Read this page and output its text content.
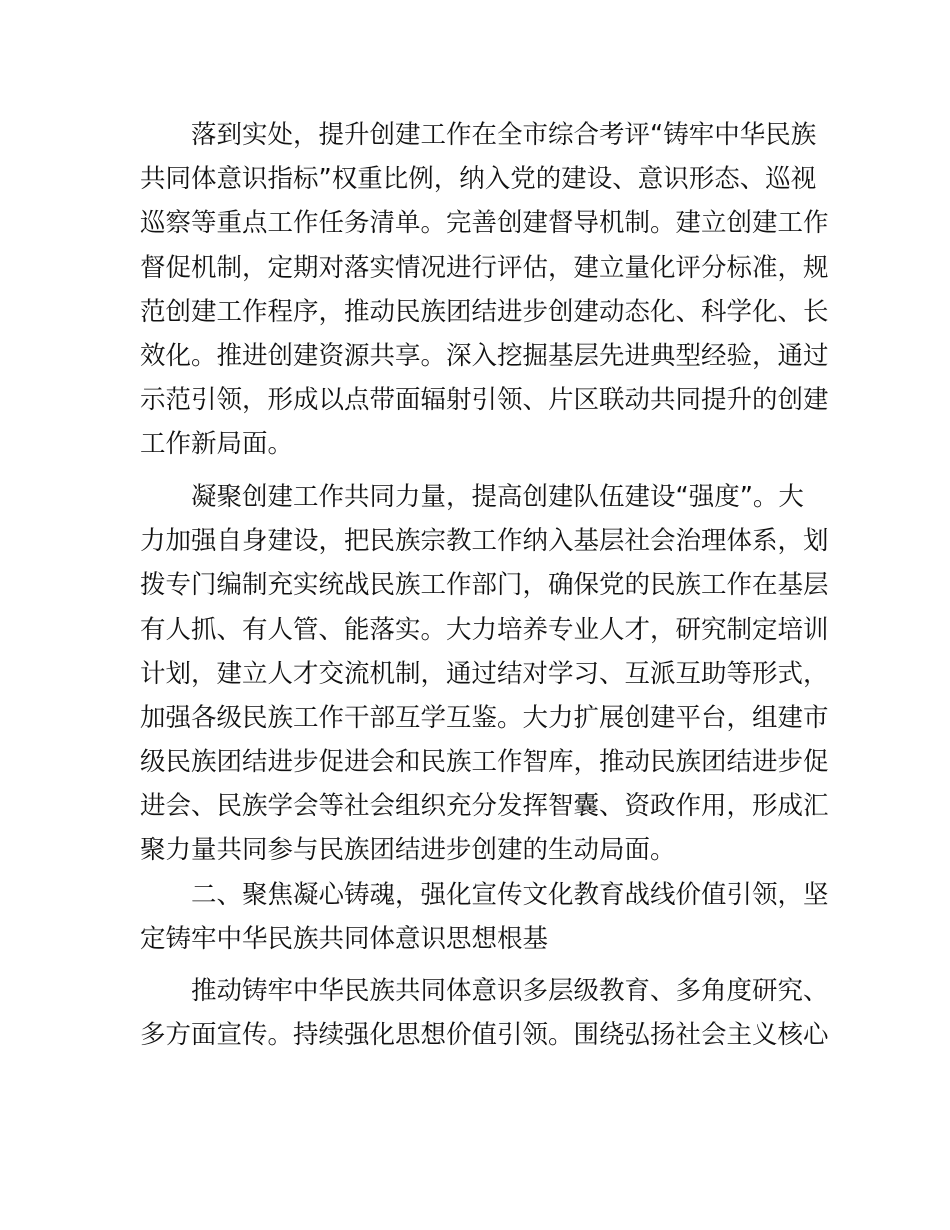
　　落到实处，提升创建工作在全市综合考评“铸牢中华民族
共同体意识指标”权重比例，纳入党的建设、意识形态、巡视
巡察等重点工作任务清单。完善创建督导机制。建立创建工作
督促机制，定期对落实情况进行评估，建立量化评分标准，规
范创建工作程序，推动民族团结进步创建动态化、科学化、长
效化。推进创建资源共享。深入挖掘基层先进典型经验，通过
示范引领，形成以点带面辐射引领、片区联动共同提升的创建
工作新局面。
　　凝聚创建工作共同力量，提高创建队伍建设“强度”。大
力加强自身建设，把民族宗教工作纳入基层社会治理体系，划
拨专门编制充实统战民族工作部门，确保党的民族工作在基层
有人抓、有人管、能落实。大力培养专业人才，研究制定培训
计划，建立人才交流机制，通过结对学习、互派互助等形式，
加强各级民族工作干部互学互鉴。大力扩展创建平台，组建市
级民族团结进步促进会和民族工作智库，推动民族团结进步促
进会、民族学会等社会组织充分发挥智囊、资政作用，形成汇
聚力量共同参与民族团结进步创建的生动局面。
　　二、聚焦凝心铸魂，强化宣传文化教育战线价值引领，坚
定铸牢中华民族共同体意识思想根基
　　推动铸牢中华民族共同体意识多层级教育、多角度研究、
多方面宣传。持续强化思想价值引领。围绕弘扬社会主义核心
